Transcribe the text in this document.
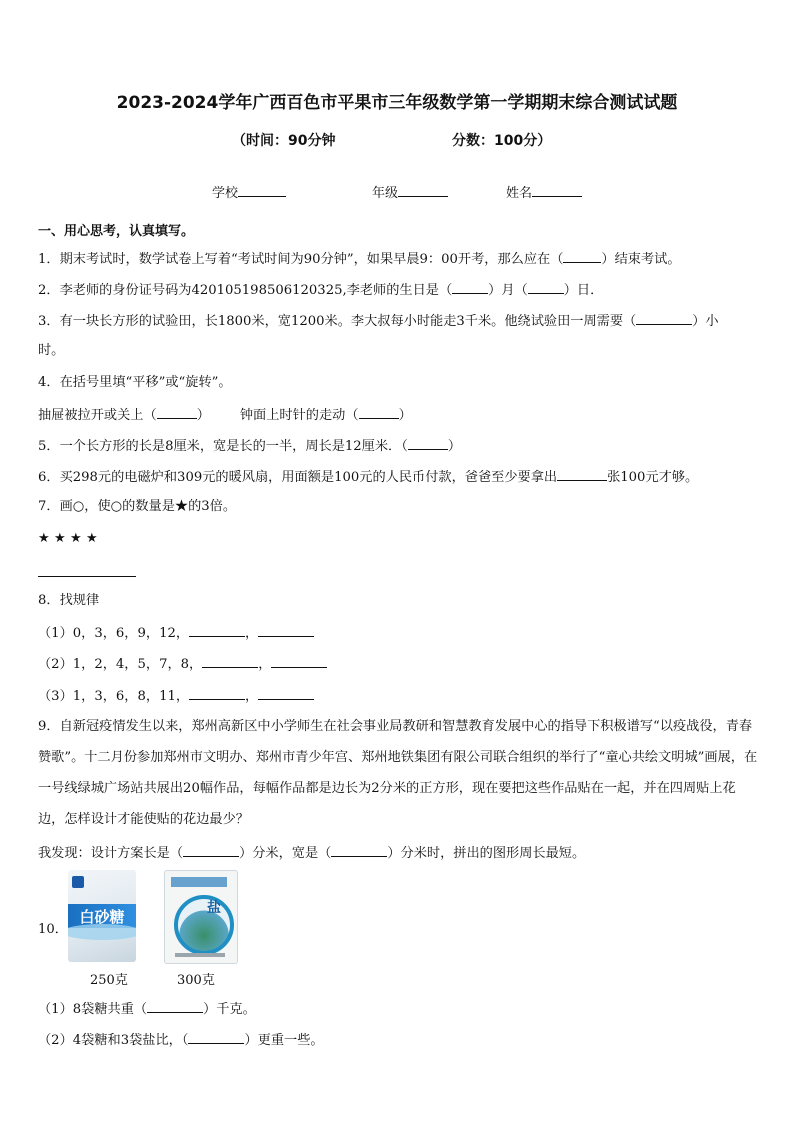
2023-2024学年广西百色市平果市三年级数学第一学期期末综合测试试题
（时间：90分钟	分数：100分）
学校	年级	姓名
一、用心思考，认真填写。
1．期末考试时，数学试卷上写着“考试时间为90分钟”，如果早晨9：00开考，那么应在（	）结束考试。
2．李老师的身份证号码为420105198506120325,李老师的生日是（	）月（	）日．
3．有一块长方形的试验田，长1800米，宽1200米。李大叔每小时能走3千米。他绕试验田一周需要（	）小
时。
4．在括号里填“平移”或“旋转”。
抽屉被拉开或关上（	） 钟面上时针的走动（	）
5．一个长方形的长是8厘米，宽是长的一半，周长是12厘米．（	）
6．买298元的电磁炉和309元的暖风扇，用面额是100元的人民币付款，爸爸至少要拿出	张100元才够。
7．画○，使○的数量是★的3倍。
★ ★ ★ ★
8．找规律
（1）0，3，6，9，12，	，
（2）1，2，4，5，7，8，	，
（3）1，3，6，8，11，	，
9．自新冠疫情发生以来，郑州高新区中小学师生在社会事业局教研和智慧教育发展中心的指导下积极谱写“以疫战役，青春赞歌”。十二月份参加郑州市文明办、郑州市青少年宫、郑州地铁集团有限公司联合组织的举行了“童心共绘文明城”画展，在一号线绿城广场站共展出20幅作品，每幅作品都是边长为2分米的正方形，现在要把这些作品贴在一起，并在四周贴上花边，怎样设计才能使贴的花边最少？
我发现：设计方案长是（	）分米，宽是（	）分米时，拼出的图形周长最短。
10．
白砂糖	盐
250克	300克
（1）8袋糖共重（	）千克。
（2）4袋糖和3袋盐比，（	）更重一些。
